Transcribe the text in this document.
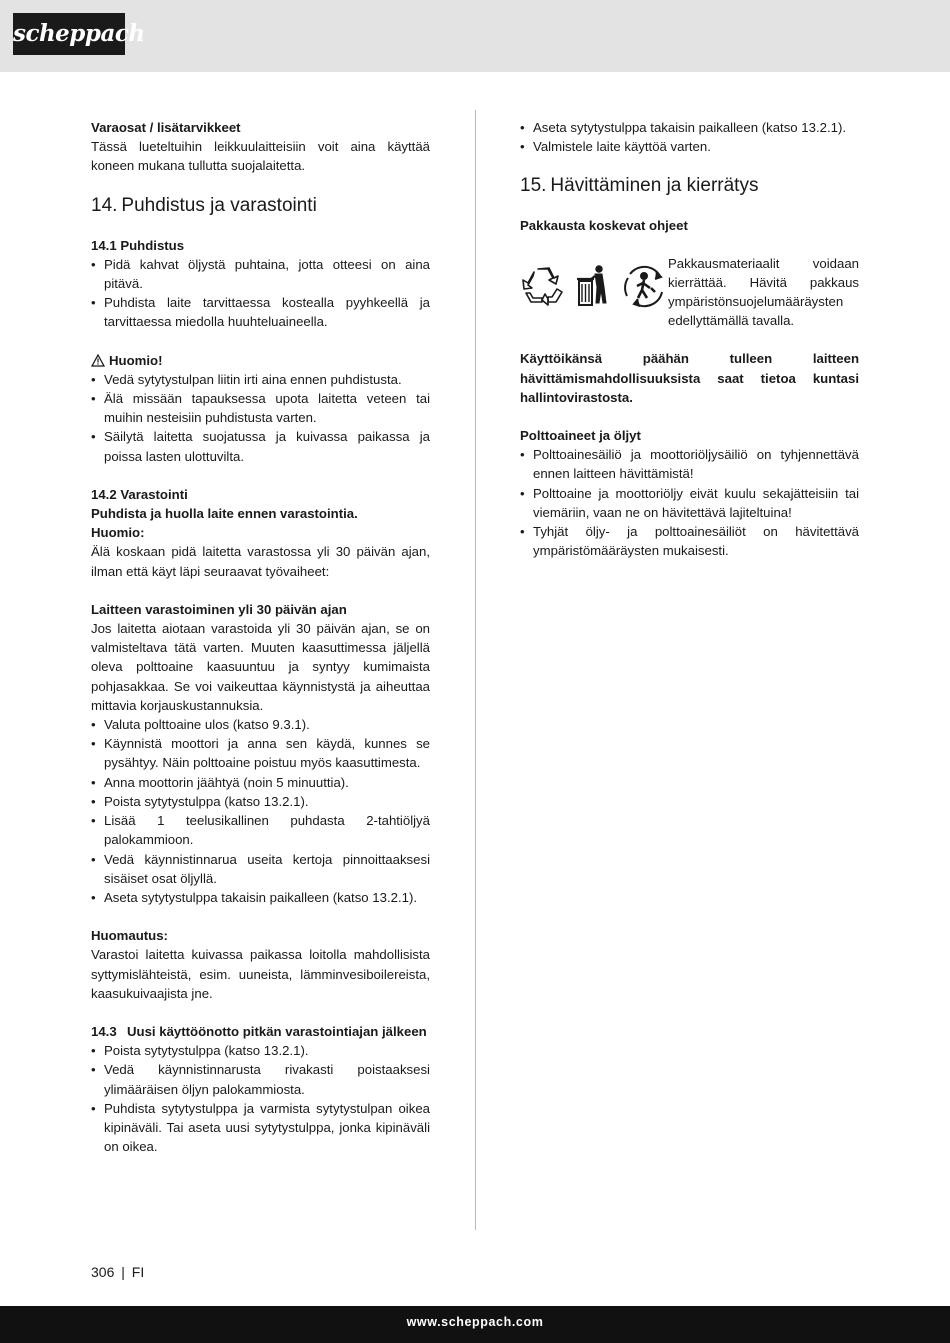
scheppach

Varaosat / lisätarvikkeet

Tässä lueteltuihin leikkuulaitteisiin voit aina käyttää koneen mukana tullutta suojalaitetta.

14. Puhdistus ja varastointi

14.1 Puhdistus

• Pidä kahvat öljystä puhtaina, jotta otteesi on aina pitävä.
• Puhdista laite tarvittaessa kostealla pyyhkeellä ja tarvittaessa miedolla huuhteluaineella.
Huomio!
• Vedä sytytystulpan liitin irti aina ennen puhdistusta.
• Älä missään tapauksessa upota laitetta veteen tai muihin nesteisiin puhdistusta varten.
• Säilytä laitetta suojatussa ja kuivassa paikassa ja poissa lasten ulottuvilta.

14.2 Varastointi

Puhdista ja huolla laite ennen varastointia.

Huomio:

Älä koskaan pidä laitetta varastossa yli 30 päivän ajan, ilman että käyt läpi seuraavat työvaiheet:

Laitteen varastoiminen yli 30 päivän ajan

Jos laitetta aiotaan varastoida yli 30 päivän ajan, se on valmisteltava tätä varten. Muuten kaasuttimessa jäljellä oleva polttoaine kaasuuntuu ja syntyy kumimaista pohjasakkaa. Se voi vaikeuttaa käynnistystä ja aiheuttaa mittavia korjauskustannuksia.

• Valuta polttoaine ulos (katso 9.3.1).
• Käynnistä moottori ja anna sen käydä, kunnes se pysähtyy. Näin polttoaine poistuu myös kaasuttimesta.
• Anna moottorin jäähtyä (noin 5 minuuttia).
• Poista sytytystulppa (katso 13.2.1).
• Lisää 1 teelusikallinen puhdasta 2-tahtiöljyä palokammioon.
• Vedä käynnistinnarua useita kertoja pinnoittaaksesi sisäiset osat öljyllä.
• Aseta sytytystulppa takaisin paikalleen (katso 13.2.1).

Huomautus:

Varastoi laitetta kuivassa paikassa loitolla mahdollisista syttymislähteistä, esim. uuneista, lämminvesiboilereista, kaasukuivaajista jne.

14.3 Uusi käyttöönotto pitkän varastointiajan jälkeen
• Poista sytytystulppa (katso 13.2.1).
• Vedä käynnistinnarusta rivakasti poistaaksesi ylimääräisen öljyn palokammiosta.
• Puhdista sytytystulppa ja varmista sytytystulpan oikea kipinäväli. Tai aseta uusi sytytystulppa, jonka kipinäväli on oikea.
• Aseta sytytystulppa takaisin paikalleen (katso 13.2.1).
• Valmistele laite käyttöä varten.
15. Hävittäminen ja kierrätys

Pakkausta koskevat ohjeet

Pakkausmateriaalit voidaan kierrättää. Hävitä pakkaus ympäristönsuojelumääräysten edellyttämällä tavalla.

Käyttöikänsä päähän tulleen laitteen hävittämismahdollisuuksista saat tietoa kuntasi hallintovirastosta.

Polttoaineet ja öljyt

• Polttoainesäiliö ja moottoriöljysäiliö on tyhjennettävä ennen laitteen hävittämistä!
• Polttoaine ja moottoriöljy eivät kuulu sekajätteisiin tai viemäriin, vaan ne on hävitettävä lajiteltuina!
• Tyhjät öljy- ja polttoainesäiliöt on hävitettävä ympäristömääräysten mukaisesti.
306 | FI
www.scheppach.com
